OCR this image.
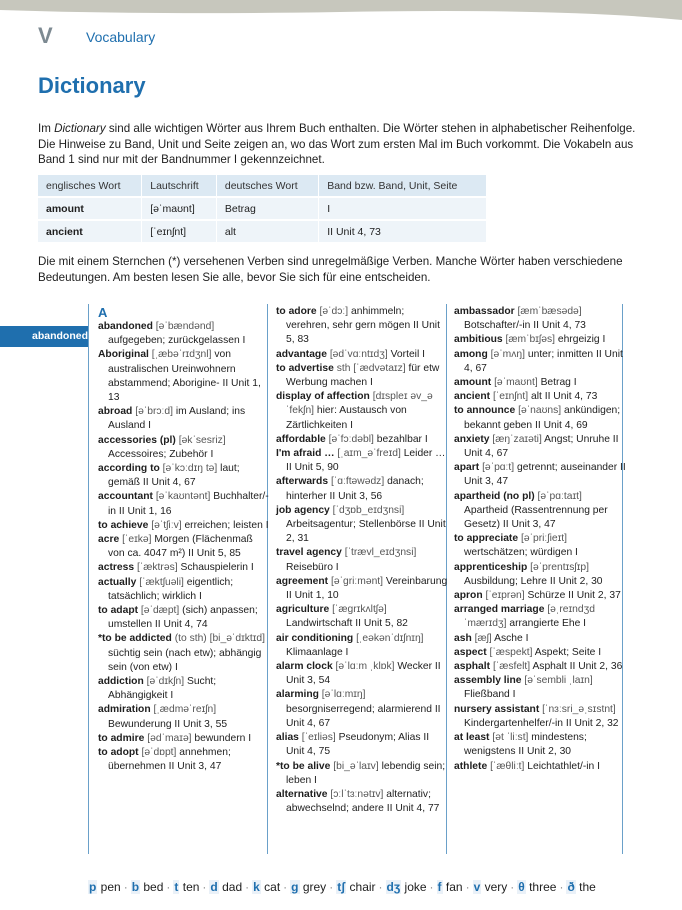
V Vocabulary
Dictionary

Im Dictionary sind alle wichtigen Wörter aus Ihrem Buch enthalten. Die Wörter stehen in alphabetischer Reihenfolge. Die Hinweise zu Band, Unit und Seite zeigen an, wo das Wort zum ersten Mal im Buch vorkommt. Die Vokabeln aus Band 1 sind nur mit der Bandnummer I gekennzeichnet.

englisches Wort	Lautschrift	deutsches Wort	Band bzw. Band, Unit, Seite
amount	[əˈmaʊnt]	Betrag	I
ancient	[ˈeɪnʃnt]	alt	II Unit 4, 73

Die mit einem Sternchen (*) versehenen Verben sind unregelmäßige Verben. Manche Wörter haben verschiedene Bedeutungen. Am besten lesen Sie alle, bevor Sie sich für eine entscheiden.

abandoned
A
abandoned [əˈbændənd] aufgegeben; zurückgelassen I
Aboriginal [ˌæbəˈrɪdʒnl] von australischen Ureinwohnern abstammend; Aborigine- II Unit 1, 13
abroad [əˈbrɔːd] im Ausland; ins Ausland I
accessories (pl) [əkˈsesriz] Accessoires; Zubehör I
according to [əˈkɔːdɪŋ tə] laut; gemäß II Unit 4, 67
accountant [əˈkaʊntənt] Buchhalter/-in II Unit 1, 16
to achieve [əˈtʃiːv] erreichen; leisten I
acre [ˈeɪkə] Morgen (Flächenmaß von ca. 4047 m²) II Unit 5, 85
actress [ˈæktrəs] Schauspielerin I
actually [ˈæktʃuəli] eigentlich; tatsächlich; wirklich I
to adapt [əˈdæpt] (sich) anpassen; umstellen II Unit 4, 74
*to be addicted (to sth) [bi_əˈdɪktɪd] süchtig sein (nach etw); abhängig sein (von etw) I
addiction [əˈdɪkʃn] Sucht; Abhängigkeit I
admiration [ˌædməˈreɪʃn] Bewunderung II Unit 3, 55
to admire [ədˈmaɪə] bewundern I
to adopt [əˈdɒpt] annehmen; übernehmen II Unit 3, 47
to adore [əˈdɔː] anhimmeln; verehren, sehr gern mögen II Unit 5, 83
advantage [ədˈvɑːntɪdʒ] Vorteil I
to advertise sth [ˈædvətaɪz] für etw Werbung machen I
display of affection [dɪspleɪ əv_əˈfekʃn] hier: Austausch von Zärtlichkeiten I
affordable [əˈfɔːdəbl] bezahlbar I
I'm afraid … [ˌaɪm_əˈfreɪd] Leider … II Unit 5, 90
afterwards [ˈɑːftəwədz] danach; hinterher II Unit 3, 56
job agency [ˈdʒɒb_eɪdʒnsi] Arbeitsagentur; Stellenbörse II Unit 2, 31
travel agency [ˈtrævl_eɪdʒnsi] Reisebüro I
agreement [əˈgriːmənt] Vereinbarung II Unit 1, 10
agriculture [ˈægrɪkʌltʃə] Landwirtschaft II Unit 5, 82
air conditioning [ˌeəkənˈdɪʃnɪŋ] Klimaanlage I
alarm clock [əˈlɑːm ˌklɒk] Wecker II Unit 3, 54
alarming [əˈlɑːmɪŋ] besorgniserregend; alarmierend II Unit 4, 67
alias [ˈeɪliəs] Pseudonym; Alias II Unit 4, 75
*to be alive [bi_əˈlaɪv] lebendig sein; leben I
alternative [ɔːlˈtɜːnətɪv] alternativ; abwechselnd; andere II Unit 4, 77
ambassador [æmˈbæsədə] Botschafter/-in II Unit 4, 73
ambitious [æmˈbɪʃəs] ehrgeizig I
among [əˈmʌŋ] unter; inmitten II Unit 4, 67
amount [əˈmaʊnt] Betrag I
ancient [ˈeɪnʃnt] alt II Unit 4, 73
to announce [əˈnaʊns] ankündigen; bekannt geben II Unit 4, 69
anxiety [æŋˈzaɪəti] Angst; Unruhe II Unit 4, 67
apart [əˈpɑːt] getrennt; auseinander II Unit 3, 47
apartheid (no pl) [əˈpɑːtaɪt] Apartheid (Rassentrennung per Gesetz) II Unit 3, 47
to appreciate [əˈpriːʃieɪt] wertschätzen; würdigen I
apprenticeship [əˈprentɪsʃɪp] Ausbildung; Lehre II Unit 2, 30
apron [ˈeɪprən] Schürze II Unit 2, 37
arranged marriage [əˌreɪndʒd ˈmærɪdʒ] arrangierte Ehe I
ash [æʃ] Asche I
aspect [ˈæspekt] Aspekt; Seite I
asphalt [ˈæsfelt] Asphalt II Unit 2, 36
assembly line [əˈsembli ˌlaɪn] Fließband I
nursery assistant [ˈnɜːsri_əˌsɪstnt] Kindergartenhelfer/-in II Unit 2, 32
at least [ət ˈliːst] mindestens; wenigstens II Unit 2, 30
athlete [ˈæθliːt] Leichtathlet/-in I
p pen · b bed · t ten · d dad · k cat · g grey · tʃ chair · dʒ joke · f fan · v very · θ three · ð the
